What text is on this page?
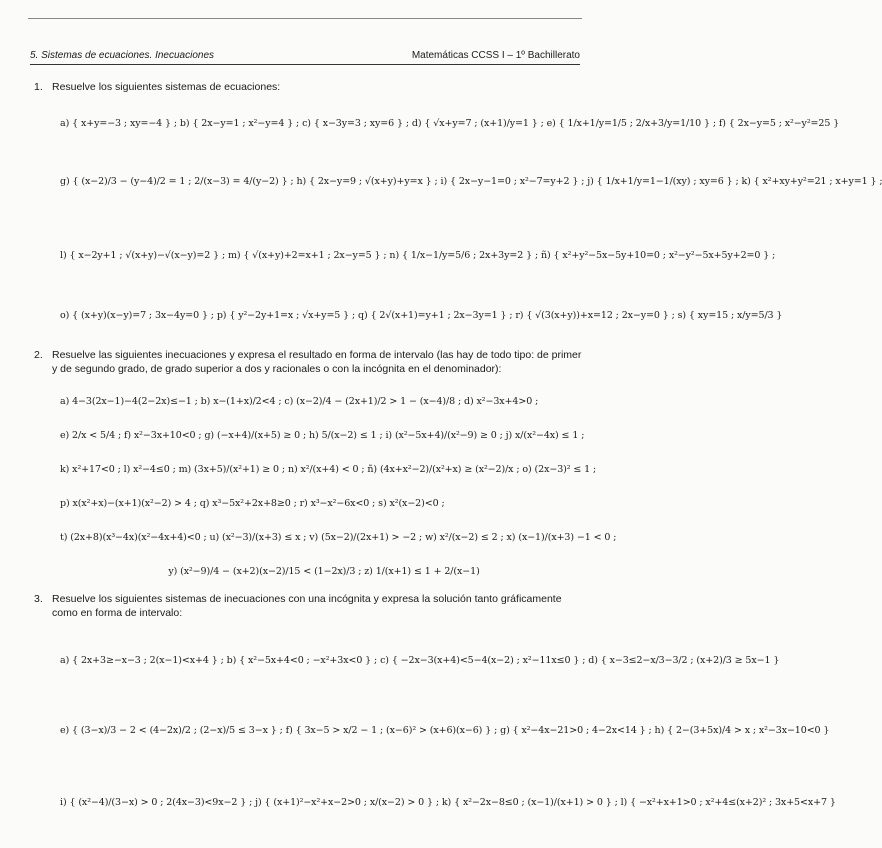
5. Sistemas de ecuaciones. Inecuaciones	Matemáticas CCSS I – 1º Bachillerato
1. Resuelve los siguientes sistemas de ecuaciones:
a) { x+y=−3 ; xy=−4 } ; b) { 2x−y=1 ; x²−y=4 } ; c) { x−3y=3 ; xy=6 } ; d) { √x+y=7 ; (x+1)/y=1 } ; e) { 1/x+1/y=1/5 ; 2/x+3/y=1/10 } ; f) { 2x−y=5 ; x²−y²=25 }
g) { (x−2)/3 − (y−4)/2 = 1 ; 2/(x−3) = 4/(y−2) } ; h) { 2x−y=9 ; √(x+y)+y=x } ; i) { 2x−y−1=0 ; x²−7=y+2 } ; j) { 1/x+1/y=1−1/(xy) ; xy=6 } ; k) { x²+xy+y²=21 ; x+y=1 } ;
l) { x−2y+1 ; √(x+y)−√(x−y)=2 } ; m) { √(x+y)+2=x+1 ; 2x−y=5 } ; n) { 1/x−1/y=5/6 ; 2x+3y=2 } ; ñ) { x²+y²−5x−5y+10=0 ; x²−y²−5x+5y+2=0 } ;
o) { (x+y)(x−y)=7 ; 3x−4y=0 } ; p) { y²−2y+1=x ; √x+y=5 } ; q) { 2√(x+1)=y+1 ; 2x−3y=1 } ; r) { √(3(x+y))+x=12 ; 2x−y=0 } ; s) { xy=15 ; x/y=5/3 }
2. Resuelve las siguientes inecuaciones y expresa el resultado en forma de intervalo (las hay de todo tipo: de primer y de segundo grado, de grado superior a dos y racionales o con la incógnita en el denominador):
a) 4−3(2x−1)−4(2−2x)≤−1 ; b) x−(1+x)/2<4 ; c) (x−2)/4 − (2x+1)/2 > 1 − (x−4)/8 ; d) x²−3x+4>0 ;
e) 2/x < 5/4 ; f) x²−3x+10<0 ; g) (−x+4)/(x+5) ≥ 0 ; h) 5/(x−2) ≤ 1 ; i) (x²−5x+4)/(x²−9) ≥ 0 ; j) x/(x²−4x) ≤ 1 ;
k) x²+17<0 ; l) x²−4≤0 ; m) (3x+5)/(x²+1) ≥ 0 ; n) x²/(x+4) < 0 ; ñ) (4x+x²−2)/(x²+x) ≥ (x²−2)/x ; o) (2x−3)² ≤ 1 ;
p) x(x²+x)−(x+1)(x²−2) > 4 ; q) x³−5x²+2x+8≥0 ; r) x³−x²−6x<0 ; s) x²(x−2)<0 ;
t) (2x+8)(x³−4x)(x²−4x+4)<0 ; u) (x²−3)/(x+3) ≤ x ; v) (5x−2)/(2x+1) > −2 ; w) x²/(x−2) ≤ 2 ; x) (x−1)/(x+3) −1 < 0 ;
y) (x²−9)/4 − (x+2)(x−2)/15 < (1−2x)/3 ; z) 1/(x+1) ≤ 1 + 2/(x−1)
3. Resuelve los siguientes sistemas de inecuaciones con una incógnita y expresa la solución tanto gráficamente como en forma de intervalo:
a) { 2x+3≥−x−3 ; 2(x−1)<x+4 } ; b) { x²−5x+4<0 ; −x²+3x<0 } ; c) { −2x−3(x+4)<5−4(x−2) ; x²−11x≤0 } ; d) { x−3≤2−x/3−3/2 ; (x+2)/3 ≥ 5x−1 }
e) { (3−x)/3 − 2 < (4−2x)/2 ; (2−x)/5 ≤ 3−x } ; f) { 3x−5 > x/2 − 1 ; (x−6)² > (x+6)(x−6) } ; g) { x²−4x−21>0 ; 4−2x<14 } ; h) { 2−(3+5x)/4 > x ; x²−3x−10<0 }
i) { (x²−4)/(3−x) > 0 ; 2(4x−3)<9x−2 } ; j) { (x+1)²−x²+x−2>0 ; x/(x−2) > 0 } ; k) { x²−2x−8≤0 ; (x−1)/(x+1) > 0 } ; l) { −x²+x+1>0 ; x²+4≤(x+2)² ; 3x+5<x+7 }
